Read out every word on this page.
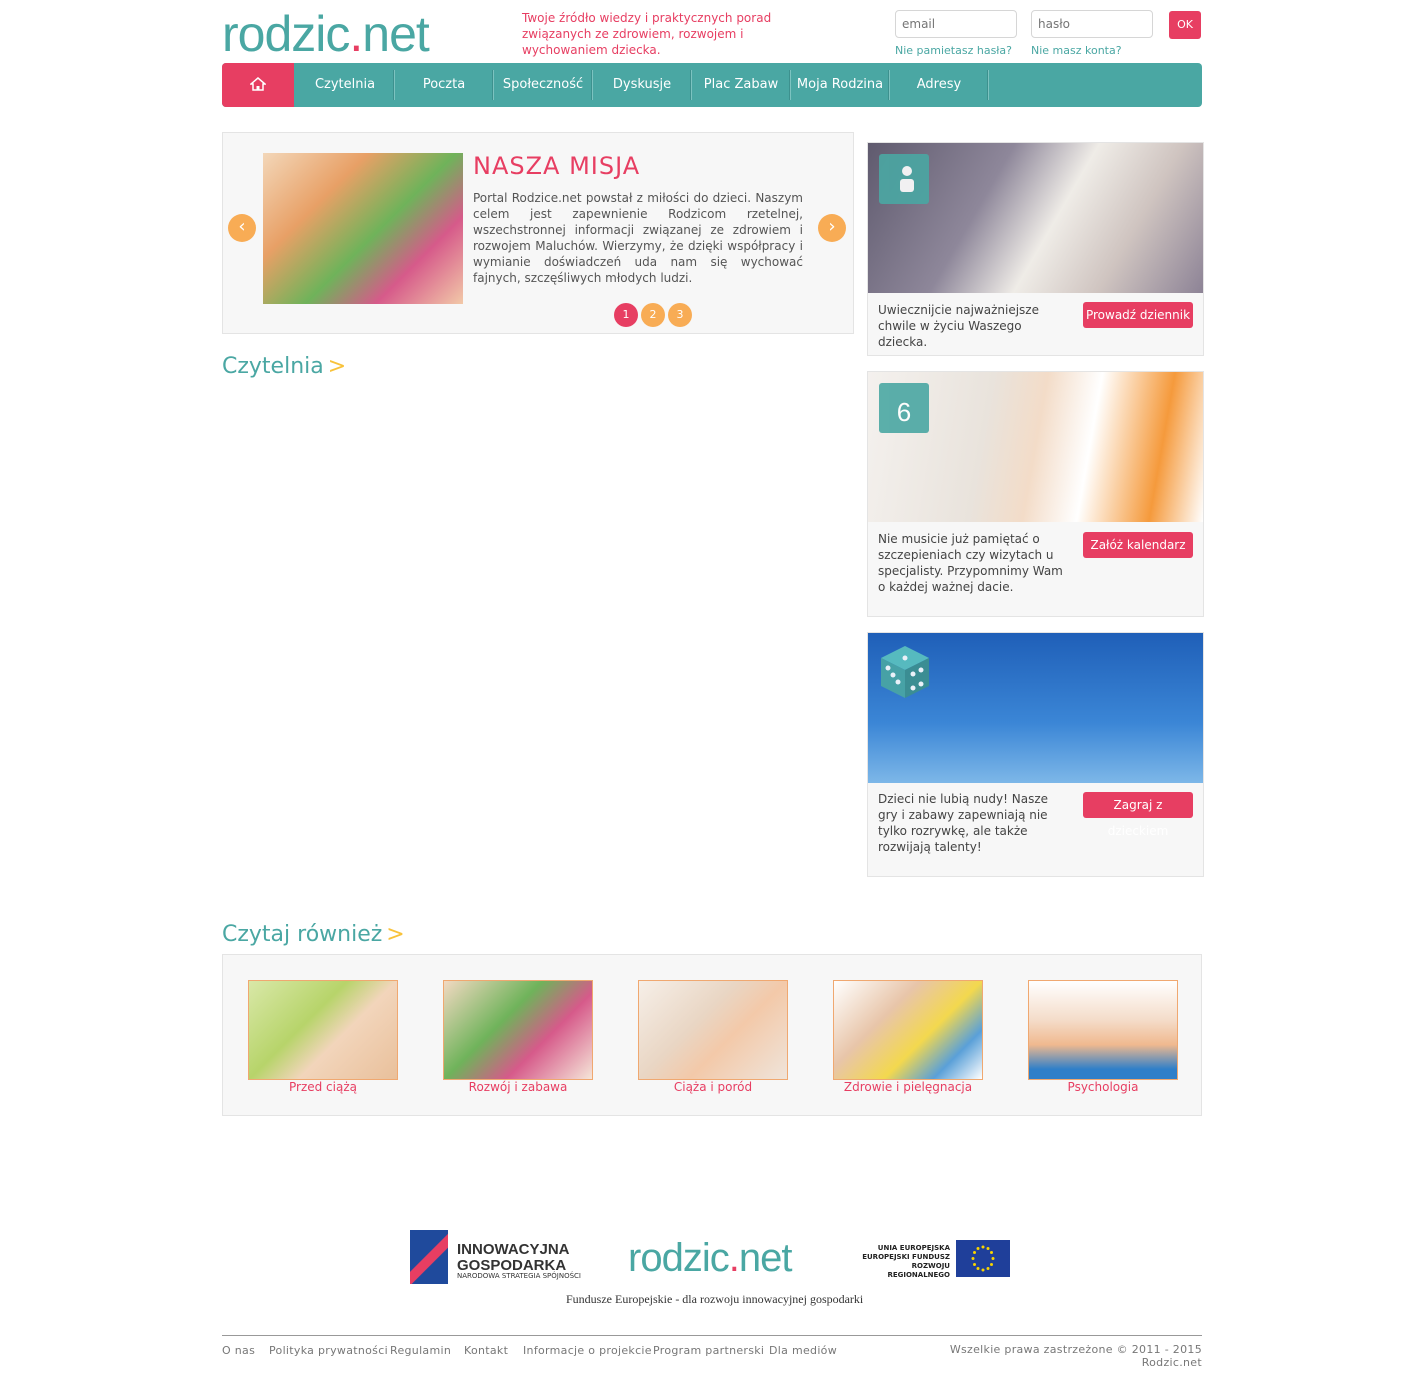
rodzic.net	Twoje źródło wiedzy i praktycznych porad związanych ze zdrowiem, rozwojem i wychowaniem dziecka.
email
hasło
OK
Nie pamietasz hasła? Nie masz konta?
Czytelnia	Poczta	Społeczność	Dyskusje	Plac Zabaw	Moja Rodzina	Adresy
NASZA MISJA
Portal Rodzice.net powstał z miłości do dzieci. Naszym celem jest zapewnienie Rodzicom rzetelnej, wszechstronnej informacji związanej ze zdrowiem i rozwojem Maluchów. Wierzymy, że dzięki współpracy i wymianie doświadczeń uda nam się wychować fajnych, szczęśliwych młodych ludzi.
‹	›
1	2	3
Czytelnia >
Uwiecznijcie najważniejsze chwile w życiu Waszego dziecka.
Prowadź dziennik
6
Nie musicie już pamiętać o szczepieniach czy wizytach u specjalisty. Przypomnimy Wam o każdej ważnej dacie.
Załóż kalendarz
Dzieci nie lubią nudy! Nasze gry i zabawy zapewniają nie tylko rozrywkę, ale także rozwijają talenty!
Zagraj z dzieckiem
Czytaj również >
Przed ciążą	Rozwój i zabawa	Ciąża i poród	Zdrowie i pielęgnacja	Psychologia
INNOWACYJNA
GOSPODARKA
NARODOWA STRATEGIA SPÓJNOŚCI rodzic.net	UNIA EUROPEJSKA
EUROPEJSKI FUNDUSZ
ROZWOJU REGIONALNEGO
Fundusze Europejskie - dla rozwoju innowacyjnej gospodarki
O nas Polityka prywatności Regulamin Kontakt Informacje o projekcie Program partnerski Dla mediów	Wszelkie prawa zastrzeżone © 2011 - 2015 Rodzic.net
